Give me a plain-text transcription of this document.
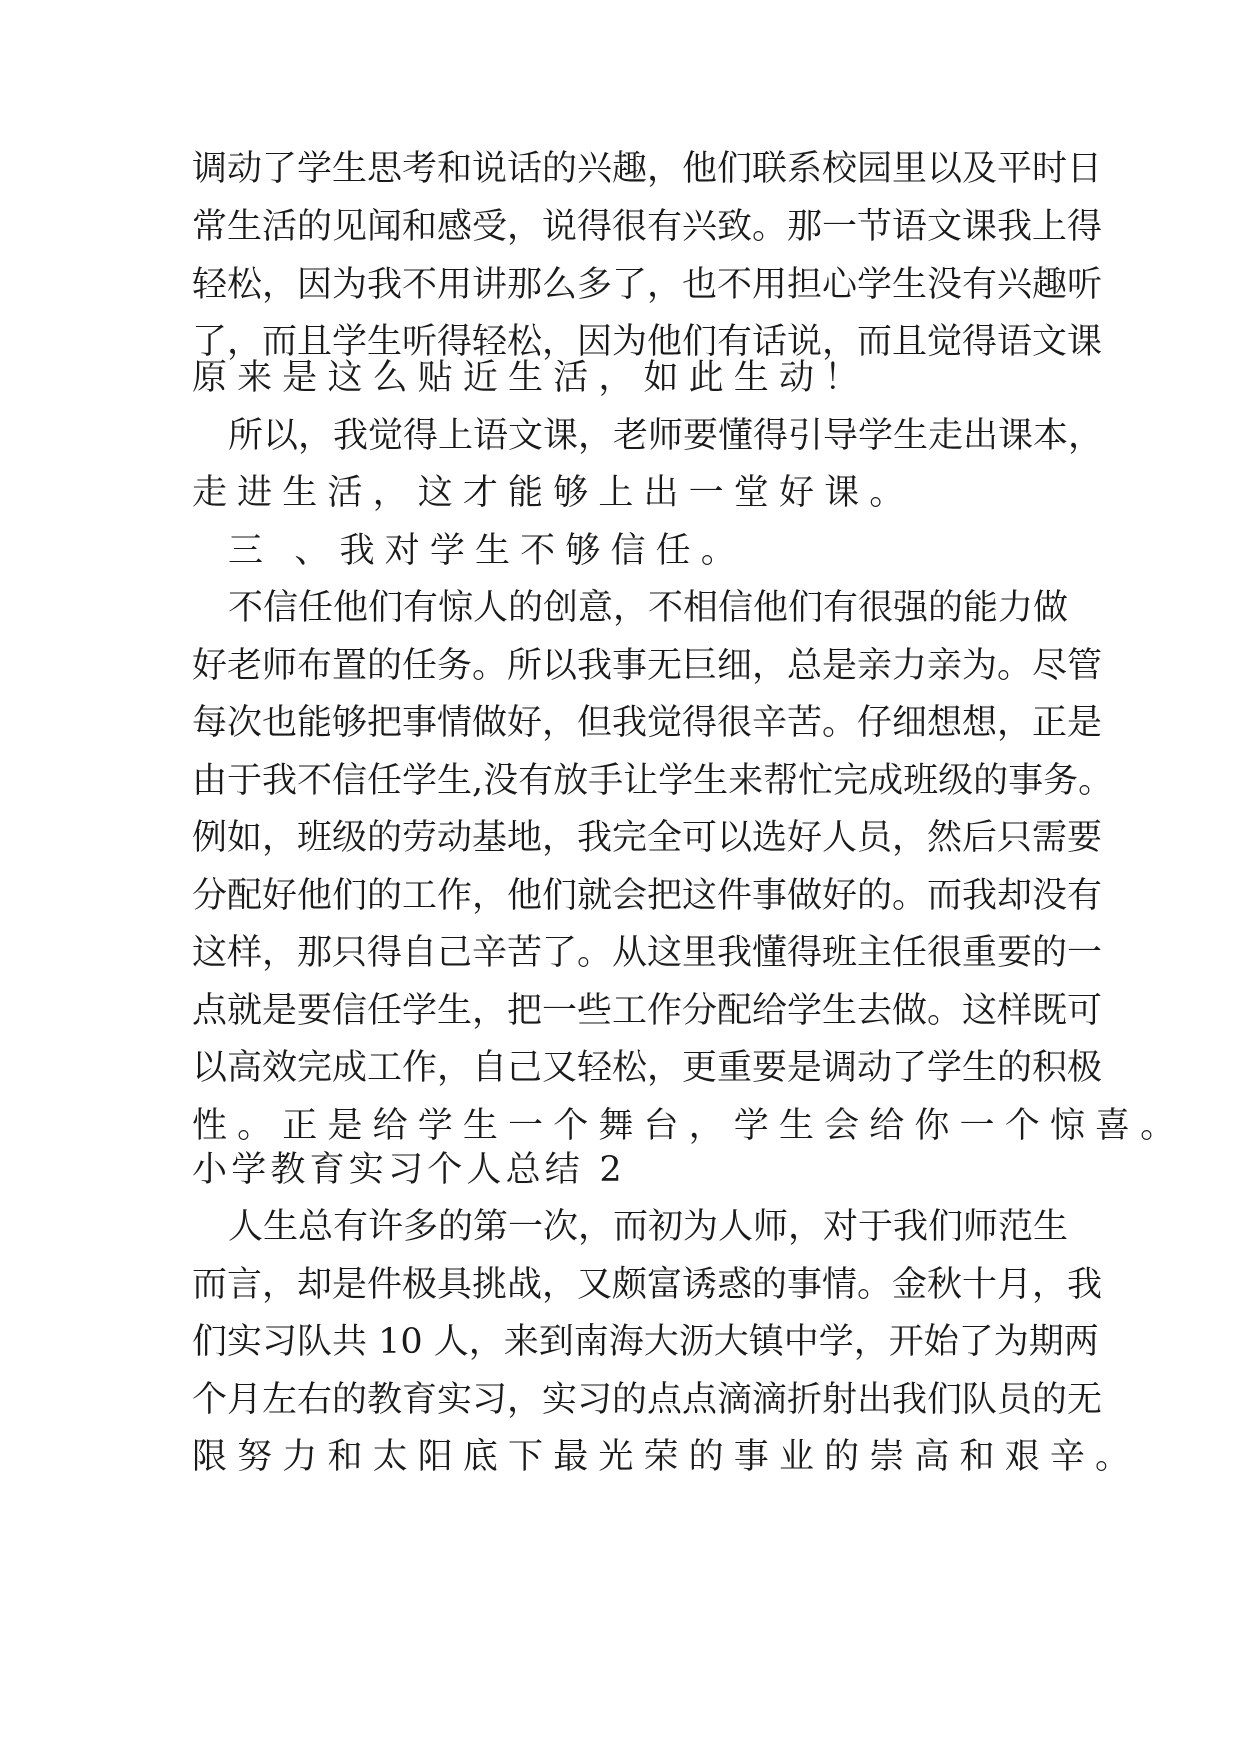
调动了学生思考和说话的兴趣，他们联系校园里以及平时日
常生活的见闻和感受，说得很有兴致。那一节语文课我上得
轻松，因为我不用讲那么多了，也不用担心学生没有兴趣听
了，而且学生听得轻松，因为他们有话说，而且觉得语文课
原来是这么贴近生活，如此生动！
所以，我觉得上语文课，老师要懂得引导学生走出课本，
走进生活，这才能够上出一堂好课。
三 、我对学生不够信任。
不信任他们有惊人的创意，不相信他们有很强的能力做
好老师布置的任务。所以我事无巨细，总是亲力亲为。尽管
每次也能够把事情做好，但我觉得很辛苦。仔细想想，正是
由于我不信任学生,没有放手让学生来帮忙完成班级的事务。
例如，班级的劳动基地，我完全可以选好人员，然后只需要
分配好他们的工作，他们就会把这件事做好的。而我却没有
这样，那只得自己辛苦了。从这里我懂得班主任很重要的一
点就是要信任学生，把一些工作分配给学生去做。这样既可
以高效完成工作，自己又轻松，更重要是调动了学生的积极
性。正是给学生一个舞台，学生会给你一个惊喜。
小学教育实习个人总结 2
人生总有许多的第一次，而初为人师，对于我们师范生
而言，却是件极具挑战，又颇富诱惑的事情。金秋十月，我
们实习队共 10 人，来到南海大沥大镇中学，开始了为期两
个月左右的教育实习，实习的点点滴滴折射出我们队员的无
限努力和太阳底下最光荣的事业的崇高和艰辛。
